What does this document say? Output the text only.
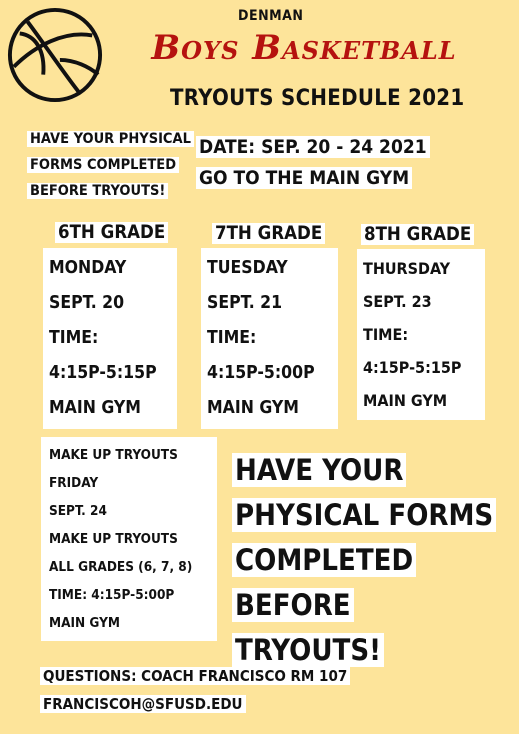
DENMAN
Boys Basketball
TRYOUTS SCHEDULE 2021
HAVE YOUR PHYSICAL
FORMS COMPLETED
BEFORE TRYOUTS!
DATE: SEP. 20 - 24 2021
GO TO THE MAIN GYM
6TH GRADE	7TH GRADE 8TH GRADE
MONDAY
SEPT. 20
TIME:
4:15P-5:15P
MAIN GYM
TUESDAY
SEPT. 21
TIME:
4:15P-5:00P
MAIN GYM
THURSDAY
SEPT. 23
TIME:
4:15P-5:15P
MAIN GYM
MAKE UP TRYOUTS
FRIDAY
SEPT. 24
MAKE UP TRYOUTS
ALL GRADES (6, 7, 8)
TIME: 4:15P-5:00P
MAIN GYM
HAVE YOUR
PHYSICAL FORMS
COMPLETED
BEFORE TRYOUTS!
QUESTIONS: COACH FRANCISCO RM 107
FRANCISCOH@SFUSD.EDU
